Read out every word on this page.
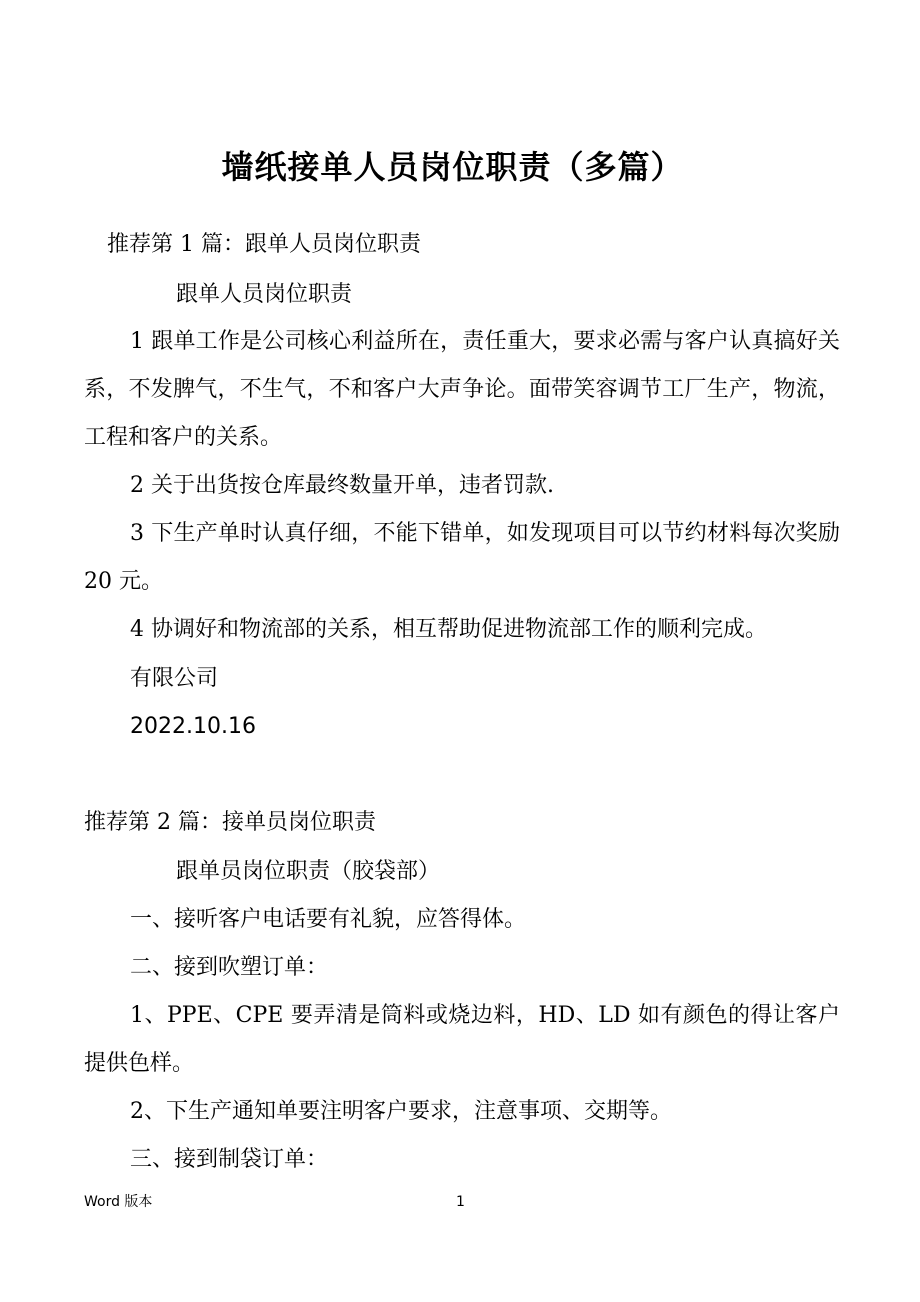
墙纸接单人员岗位职责（多篇）
推荐第 1 篇：跟单人员岗位职责
跟单人员岗位职责
1 跟单工作是公司核心利益所在，责任重大，要求必需与客户认真搞好关系，不发脾气，不生气，不和客户大声争论。面带笑容调节工厂生产，物流，工程和客户的关系。
2 关于出货按仓库最终数量开单，违者罚款.
3 下生产单时认真仔细，不能下错单，如发现项目可以节约材料每次奖励 20 元。
4 协调好和物流部的关系，相互帮助促进物流部工作的顺利完成。
有限公司
2022.10.16
推荐第 2 篇：接单员岗位职责
跟单员岗位职责（胶袋部）
一、接听客户电话要有礼貌，应答得体。
二、接到吹塑订单：
1、PPE、CPE 要弄清是筒料或烧边料，HD、LD 如有颜色的得让客户提供色样。
2、下生产通知单要注明客户要求，注意事项、交期等。
三、接到制袋订单：
Word 版本	1
